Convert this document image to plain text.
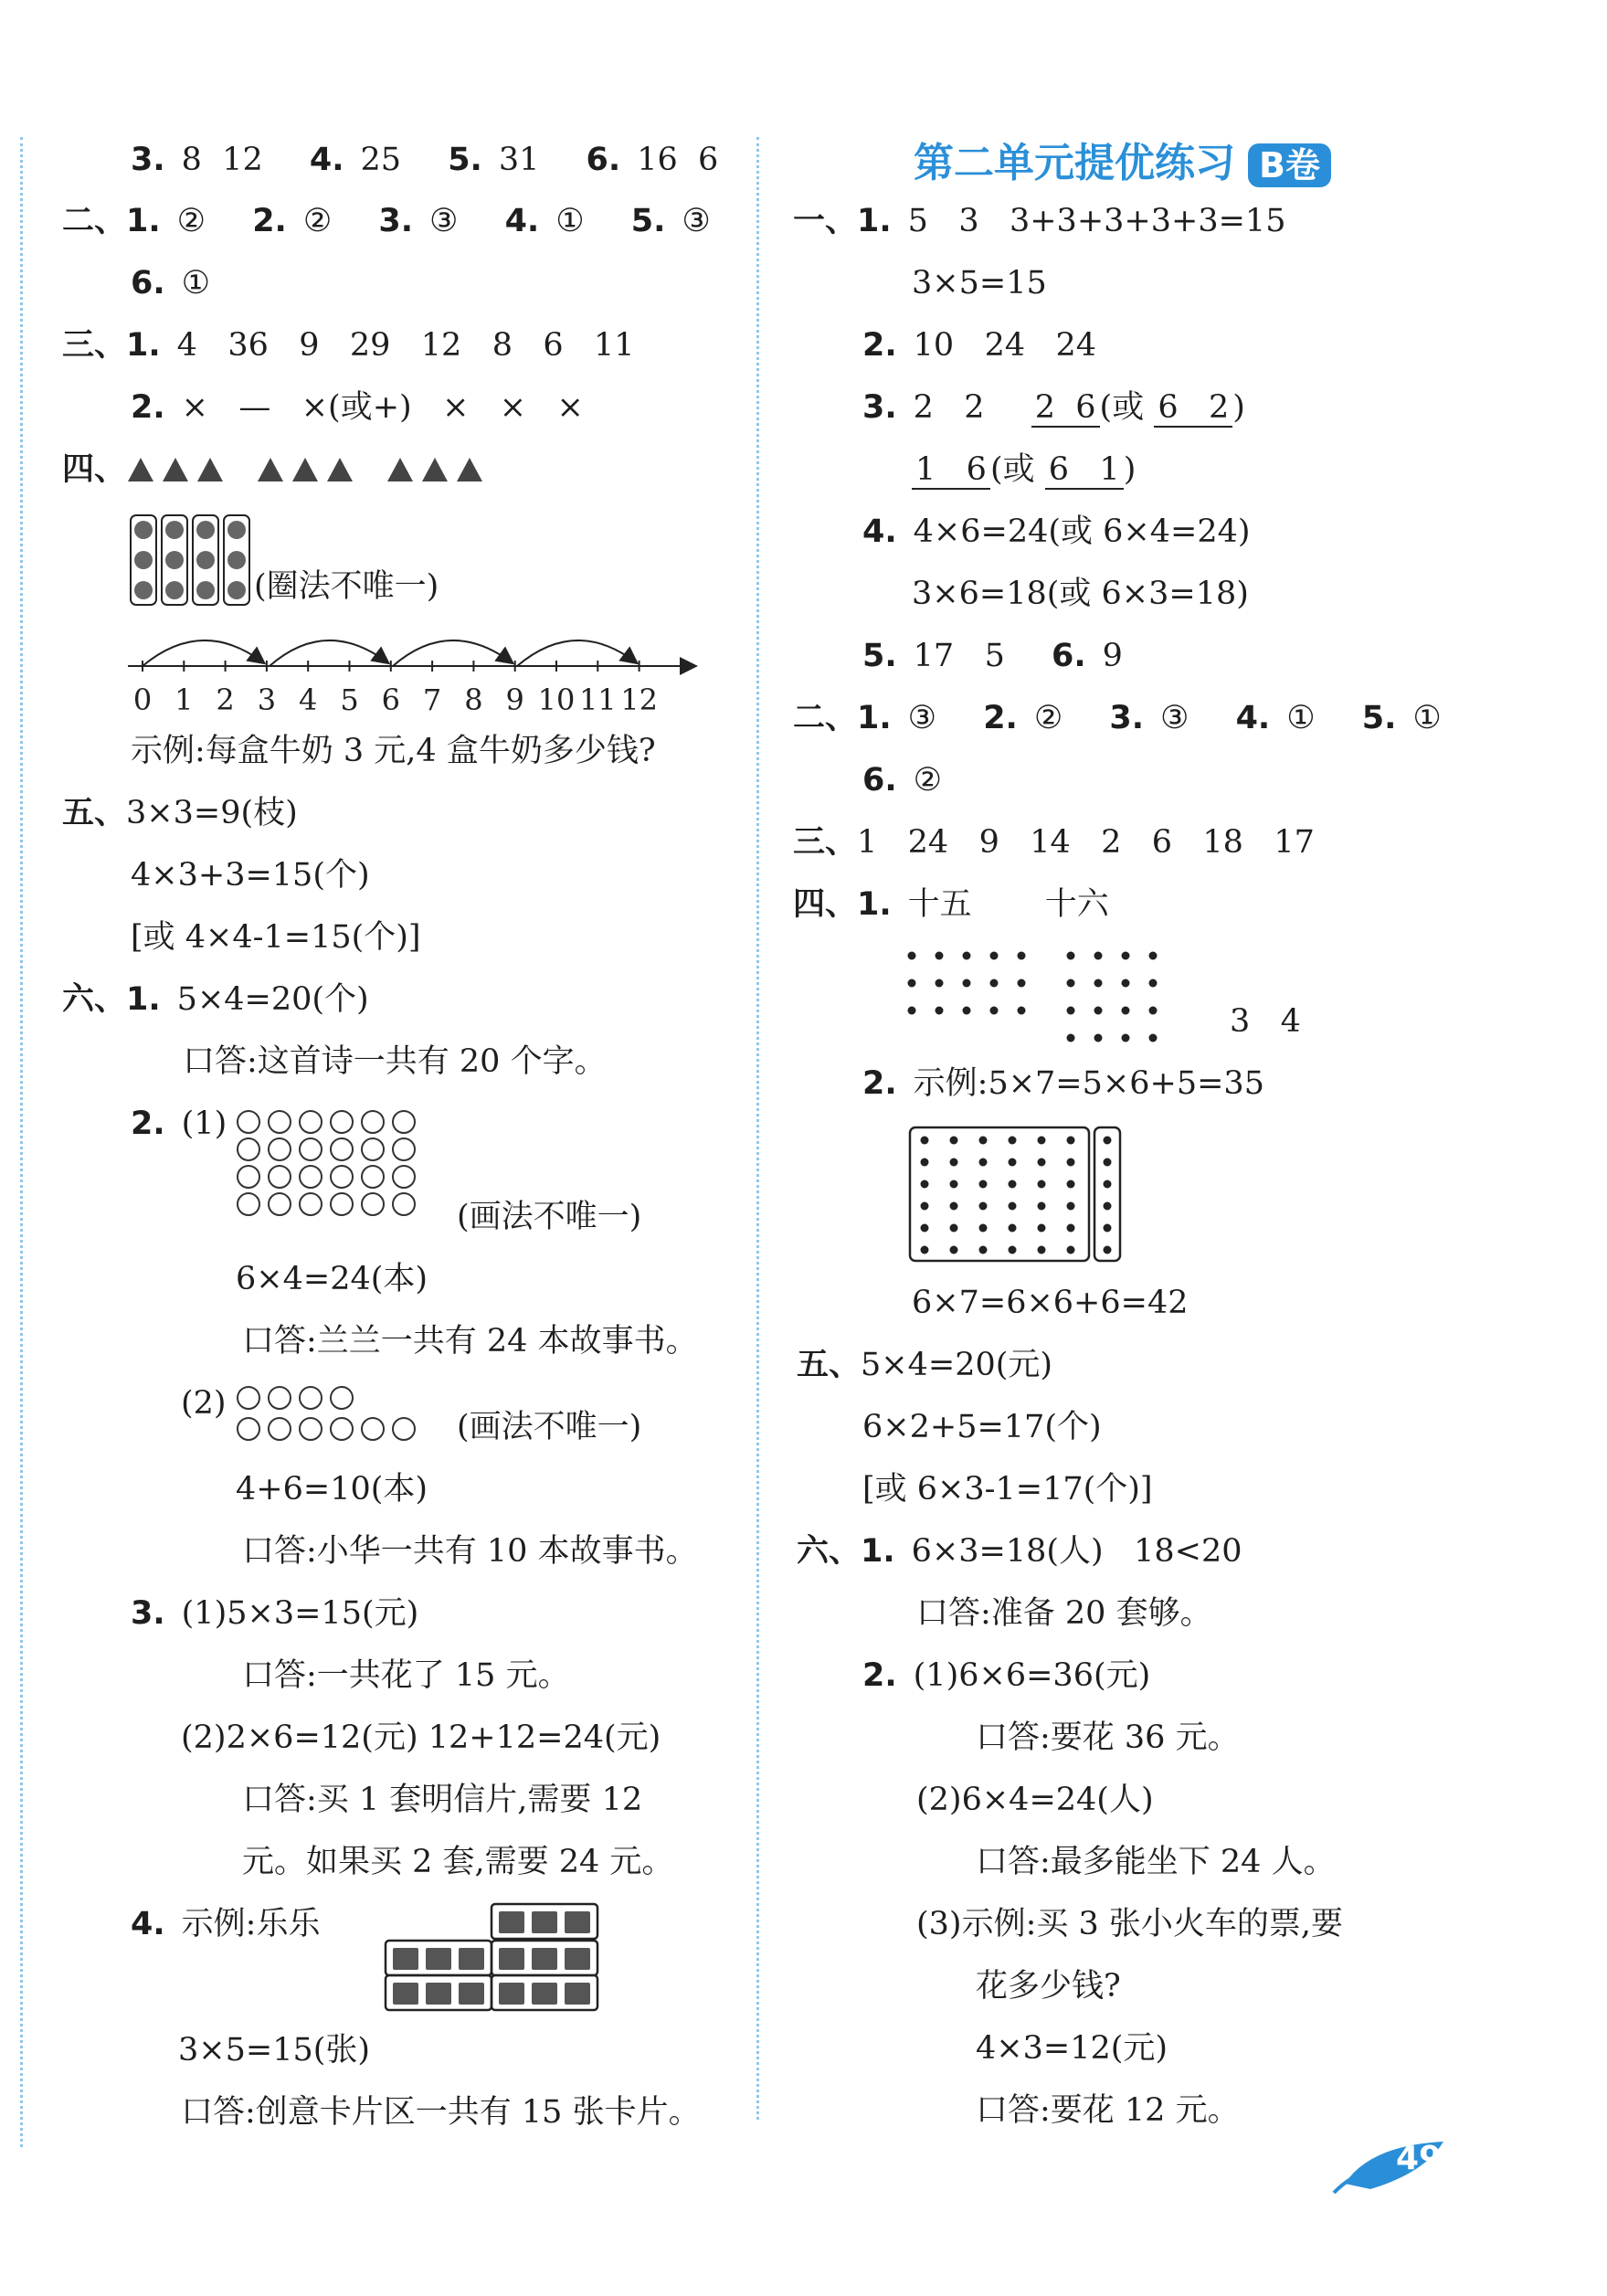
3. 8  12 4. 25 5. 31 6. 16  6
二、1. ② 2. ② 3. ③ 4. ① 5. ③
6. ①
三、1. 4   36   9   29   12   8   6   11
2. ×   —   ×(或+)   ×   ×   ×
四、
(圈法不唯一)
0 1 2 3 4 5 6 7 8 9 10 11 12
示例:每盒牛奶 3 元,4 盒牛奶多少钱?
五、3×3=9(枝)
4×3+3=15(个)
[或 4×4-1=15(个)]
六、1. 5×4=20(个)
口答:这首诗一共有 20 个字。
2. (1)
(画法不唯一)
6×4=24(本)
口答:兰兰一共有 24 本故事书。
(2)
(画法不唯一)
4+6=10(本)
口答:小华一共有 10 本故事书。
3. (1)5×3=15(元)
口答:一共花了 15 元。
(2)2×6=12(元) 12+12=24(元)
口答:买 1 套明信片,需要 12
元。如果买 2 套,需要 24 元。
4. 示例:乐乐
3×5=15(张)
口答:创意卡片区一共有 15 张卡片。
第二单元提优练习 B卷
一、1. 5   3   3+3+3+3+3=15
3×5=15
2. 10   24   24
3. 2   2 2 6 (或 6 2 )
1 6 (或 6 1 )
4. 4×6=24(或 6×4=24)
3×6=18(或 6×3=18)
5. 17   5 6. 9
二、1. ③ 2. ② 3. ③ 4. ① 5. ①
6. ②
三、1   24   9   14   2   6   18   17
四、1. 十五 十六
3   4
2. 示例:5×7=5×6+5=35
6×7=6×6+6=42
五、5×4=20(元)
6×2+5=17(个)
[或 6×3-1=17(个)]
六、1. 6×3=18(人)   18<20
口答:准备 20 套够。
2. (1)6×6=36(元)
口答:要花 36 元。
(2)6×4=24(人)
口答:最多能坐下 24 人。
(3)示例:买 3 张小火车的票,要
花多少钱?
4×3=12(元)
口答:要花 12 元。
49
